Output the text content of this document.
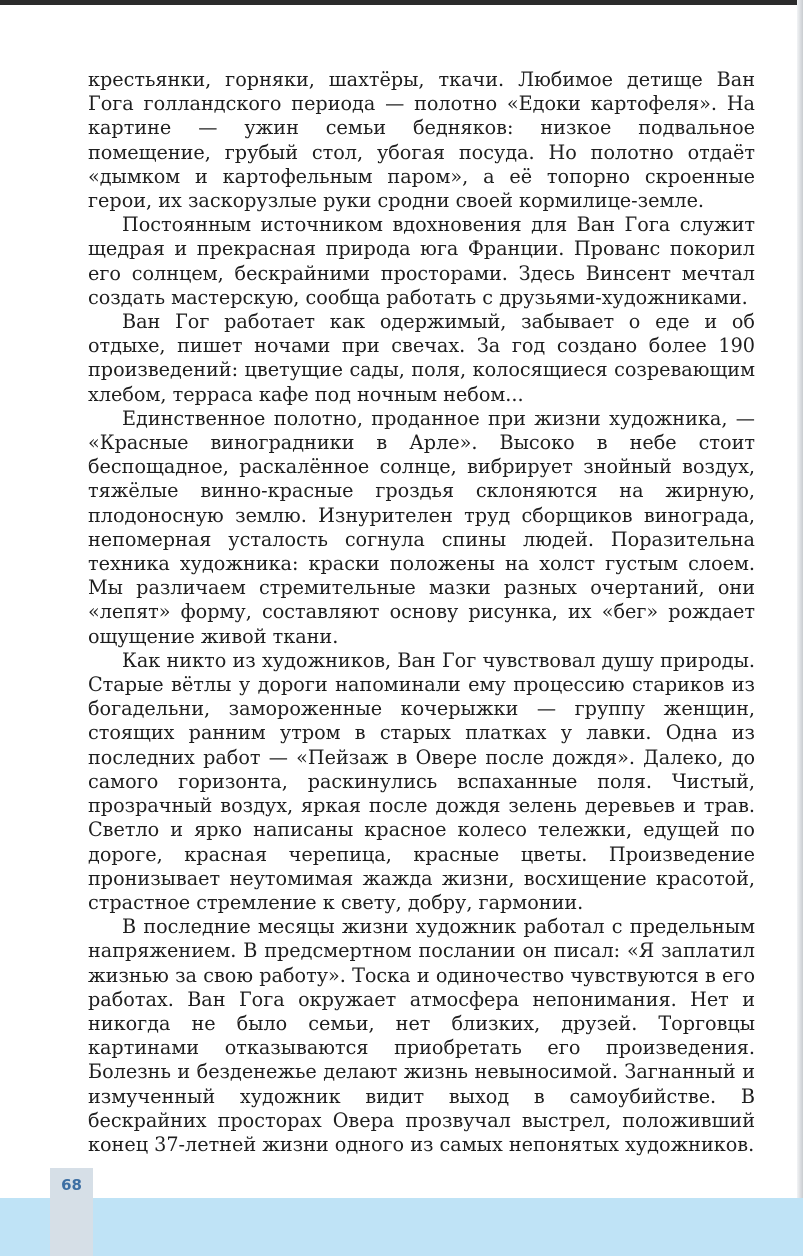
68

крестьянки, горняки, шахтёры, ткачи. Любимое детище Ван Гога голландского периода — полотно «Едоки картофеля». На картине — ужин семьи бедняков: низкое подвальное помещение, грубый стол, убогая посуда. Но полотно отдаёт «дымком и картофельным паром», а её топорно скроенные герои, их заскорузлые руки сродни своей кормилице-земле.

Постоянным источником вдохновения для Ван Гога служит щедрая и прекрасная природа юга Франции. Прованс покорил его солнцем, бескрайними просторами. Здесь Винсент мечтал создать мастерскую, сообща работать с друзьями-художниками.

Ван Гог работает как одержимый, забывает о еде и об отдыхе, пишет ночами при свечах. За год создано более 190 произведений: цветущие сады, поля, колосящиеся созревающим хлебом, терраса кафе под ночным небом...

Единственное полотно, проданное при жизни художника, — «Красные виноградники в Арле». Высоко в небе стоит беспощадное, раскалённое солнце, вибрирует знойный воздух, тяжёлые винно-красные гроздья склоняются на жирную, плодоносную землю. Изнурителен труд сборщиков винограда, непомерная усталость согнула спины людей. Поразительна техника художника: краски положены на холст густым слоем. Мы различаем стремительные мазки разных очертаний, они «лепят» форму, составляют основу рисунка, их «бег» рождает ощущение живой ткани.

Как никто из художников, Ван Гог чувствовал душу природы. Старые вётлы у дороги напоминали ему процессию стариков из богадельни, замороженные кочерыжки — группу женщин, стоящих ранним утром в старых платках у лавки. Одна из последних работ — «Пейзаж в Овере после дождя». Далеко, до самого горизонта, раскинулись вспаханные поля. Чистый, прозрачный воздух, яркая после дождя зелень деревьев и трав. Светло и ярко написаны красное колесо тележки, едущей по дороге, красная черепица, красные цветы. Произведение пронизывает неутомимая жажда жизни, восхищение красотой, страстное стремление к свету, добру, гармонии.

В последние месяцы жизни художник работал с предельным напряжением. В предсмертном послании он писал: «Я заплатил жизнью за свою работу». Тоска и одиночество чувствуются в его работах. Ван Гога окружает атмосфера непонимания. Нет и никогда не было семьи, нет близких, друзей. Торговцы картинами отказываются приобретать его произведения. Болезнь и безденежье делают жизнь невыносимой. Загнанный и измученный художник видит выход в самоубийстве. В бескрайних просторах Овера прозвучал выстрел, положивший конец 37-летней жизни одного из самых непонятых художников.
